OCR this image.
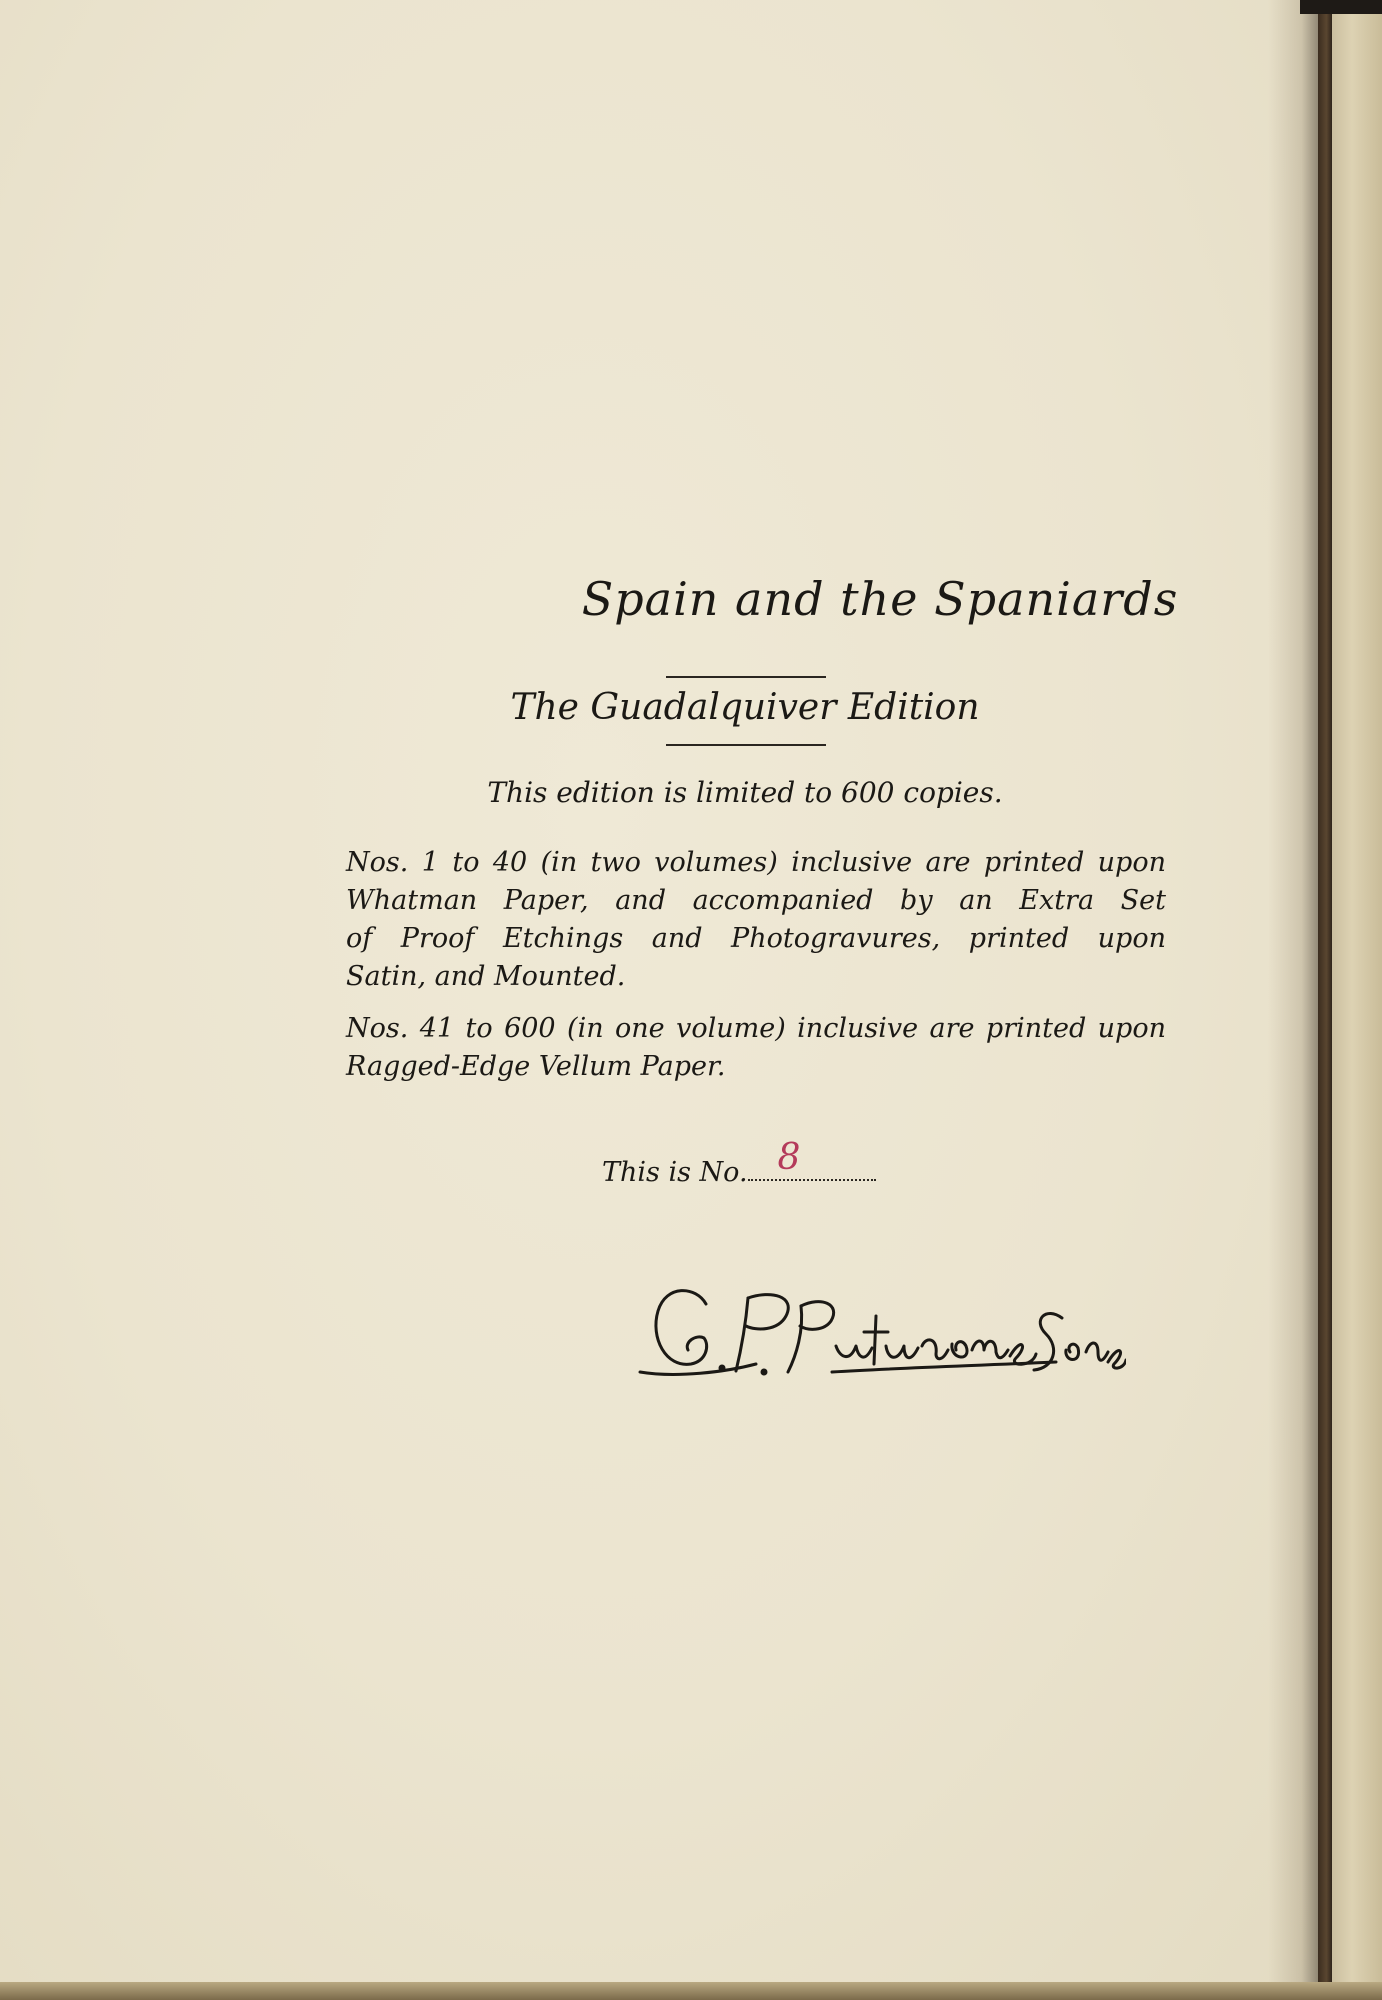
Spain and the Spaniards
The Guadalquiver Edition
This edition is limited to 600 copies.
Nos. 1 to 40 (in two volumes) inclusive are printed upon
Whatman Paper, and accompanied by an Extra Set
of Proof Etchings and Photogravures, printed upon
Satin, and Mounted.
Nos. 41 to 600 (in one volume) inclusive are printed upon
Ragged-Edge Vellum Paper.
This is No. 8
